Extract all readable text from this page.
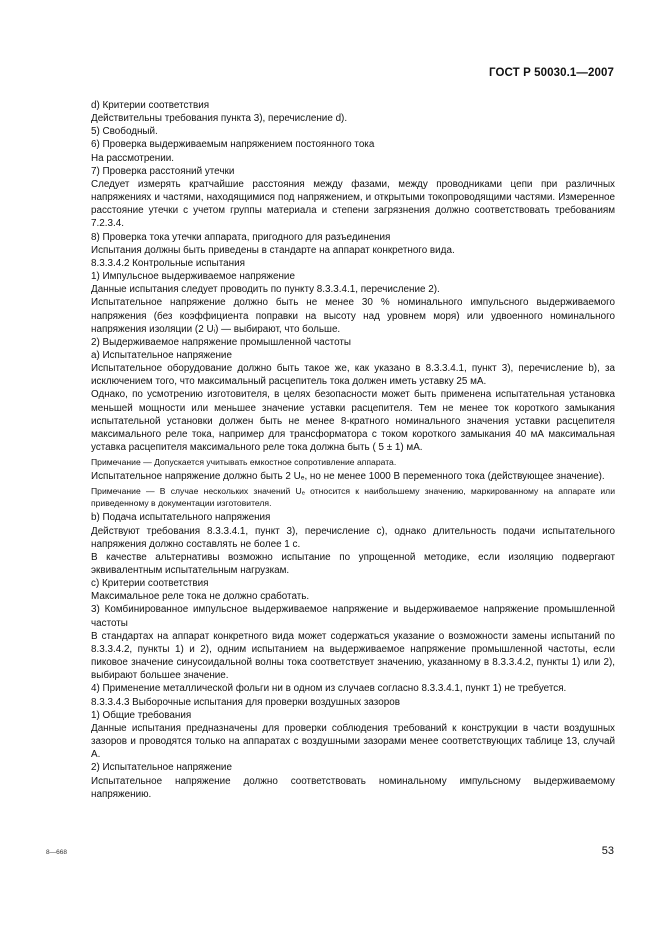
ГОСТ Р 50030.1—2007

d) Критерии соответствия

Действительны требования пункта 3), перечисление d).

5) Свободный.

6) Проверка выдерживаемым напряжением постоянного тока

На рассмотрении.

7) Проверка расстояний утечки

Следует измерять кратчайшие расстояния между фазами, между проводниками цепи при различных напряжениях и частями, находящимися под напряжением, и открытыми токопроводящими частями. Измеренное расстояние утечки с учетом группы материала и степени загрязнения должно соответствовать требованиям 7.2.3.4.

8) Проверка тока утечки аппарата, пригодного для разъединения

Испытания должны быть приведены в стандарте на аппарат конкретного вида.

8.3.3.4.2 Контрольные испытания

1) Импульсное выдерживаемое напряжение

Данные испытания следует проводить по пункту 8.3.3.4.1, перечисление 2).

Испытательное напряжение должно быть не менее 30 % номинального импульсного выдерживаемого напряжения (без коэффициента поправки на высоту над уровнем моря) или удвоенного номинального напряжения изоляции (2 Uᵢ) — выбирают, что больше.

2) Выдерживаемое напряжение промышленной частоты

а) Испытательное напряжение

Испытательное оборудование должно быть такое же, как указано в 8.3.3.4.1, пункт 3), перечисление b), за исключением того, что максимальный расцепитель тока должен иметь уставку 25 мА.

Однако, по усмотрению изготовителя, в целях безопасности может быть применена испытательная установка меньшей мощности или меньшее значение уставки расцепителя. Тем не менее ток короткого замыкания испытательной установки должен быть не менее 8-кратного номинального значения уставки расцепителя максимального реле тока, например для трансформатора с током короткого замыкания 40 мА максимальная уставка расцепителя максимального реле тока должна быть ( 5 ± 1) мА.

Примечание — Допускается учитывать емкостное сопротивление аппарата.

Испытательное напряжение должно быть 2 Uₑ, но не менее 1000 В переменного тока (действующее значение).

Примечание — В случае нескольких значений Uₑ относится к наибольшему значению, маркированному на аппарате или приведенному в документации изготовителя.

b) Подача испытательного напряжения

Действуют требования 8.3.3.4.1, пункт 3), перечисление с), однако длительность подачи испытательного напряжения должно составлять не более 1 с.

В качестве альтернативы возможно испытание по упрощенной методике, если изоляцию подвергают эквивалентным испытательным нагрузкам.

с) Критерии соответствия

Максимальное реле тока не должно сработать.

3) Комбинированное импульсное выдерживаемое напряжение и выдерживаемое напряжение промышленной частоты

В стандартах на аппарат конкретного вида может содержаться указание о возможности замены испытаний по 8.3.3.4.2, пункты 1) и 2), одним испытанием на выдерживаемое напряжение промышленной частоты, если пиковое значение синусоидальной волны тока соответствует значению, указанному в 8.3.3.4.2, пункты 1) или 2), выбирают большее значение.

4) Применение металлической фольги ни в одном из случаев согласно 8.3.3.4.1, пункт 1) не требуется.

8.3.3.4.3 Выборочные испытания для проверки воздушных зазоров

1) Общие требования

Данные испытания предназначены для проверки соблюдения требований к конструкции в части воздушных зазоров и проводятся только на аппаратах с воздушными зазорами менее соответствующих таблице 13, случай А.

2) Испытательное напряжение

Испытательное напряжение должно соответствовать номинальному импульсному выдерживаемому напряжению.

8—668	53
